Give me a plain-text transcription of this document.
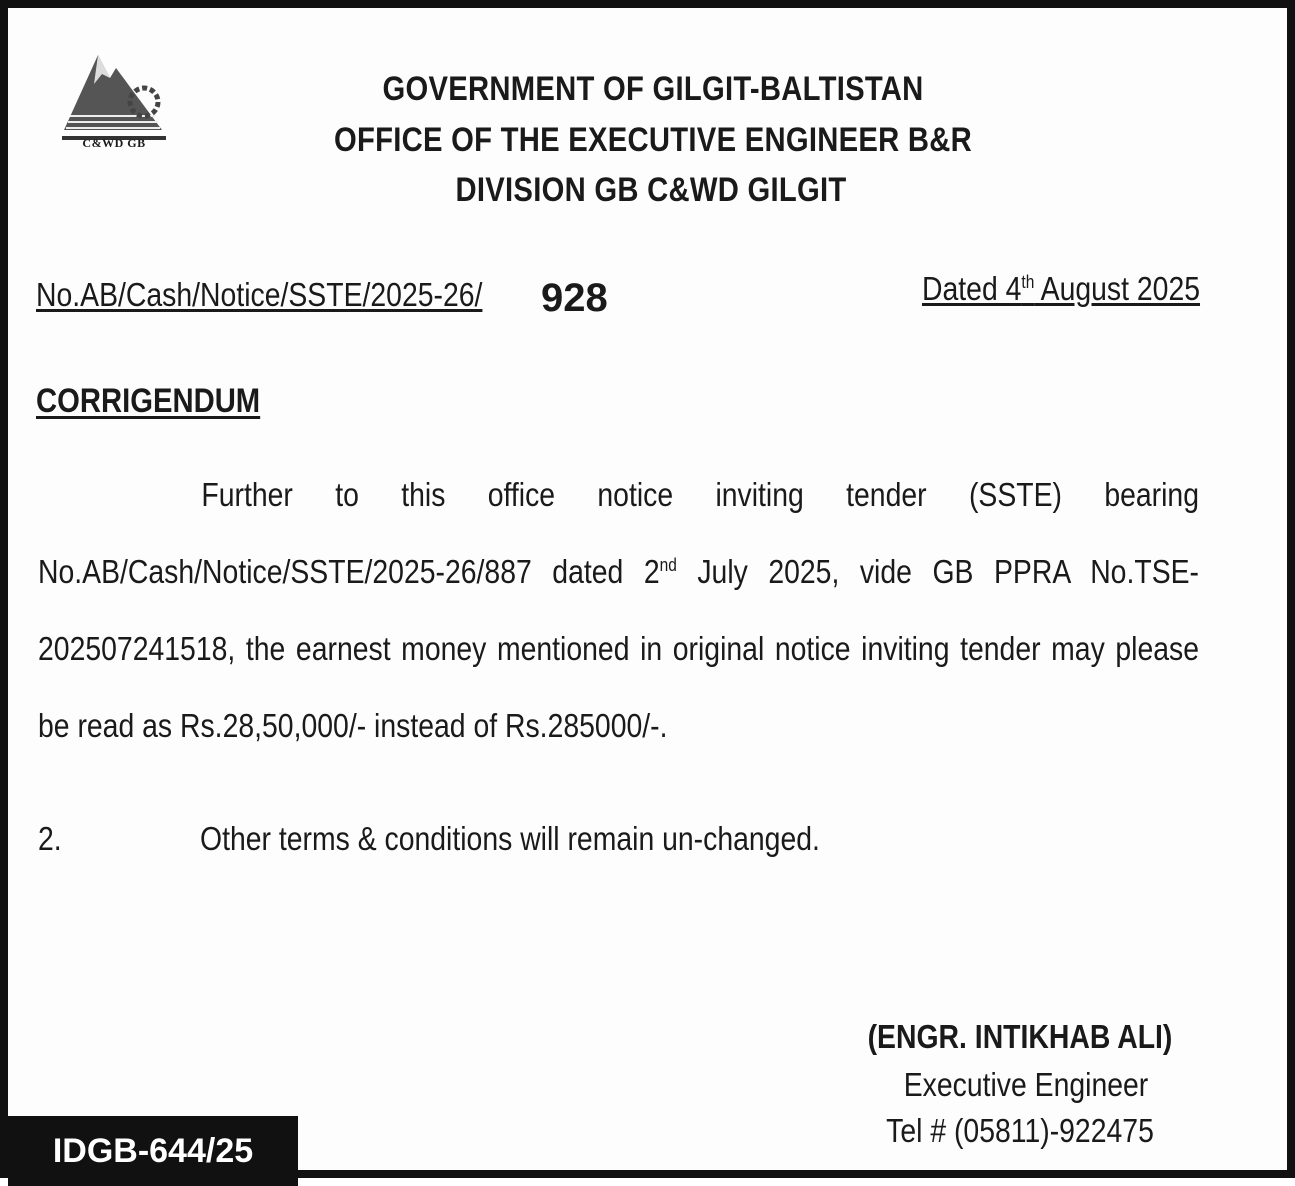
C&WD GB
GOVERNMENT OF GILGIT-BALTISTAN
OFFICE OF THE EXECUTIVE ENGINEER B&R
DIVISION GB C&WD GILGIT
No.AB/Cash/Notice/SSTE/2025-26/ 928	Dated 4th August 2025
CORRIGENDUM
Further to this office notice inviting tender (SSTE) bearing No.AB/Cash/Notice/SSTE/2025-26/887 dated 2nd July 2025, vide GB PPRA No.TSE-202507241518, the earnest money mentioned in original notice inviting tender may please be read as Rs.28,50,000/- instead of Rs.285000/-.
2.	Other terms & conditions will remain un-changed.
(ENGR. INTIKHAB ALI)
Executive Engineer
Tel # (05811)-922475
IDGB-644/25
